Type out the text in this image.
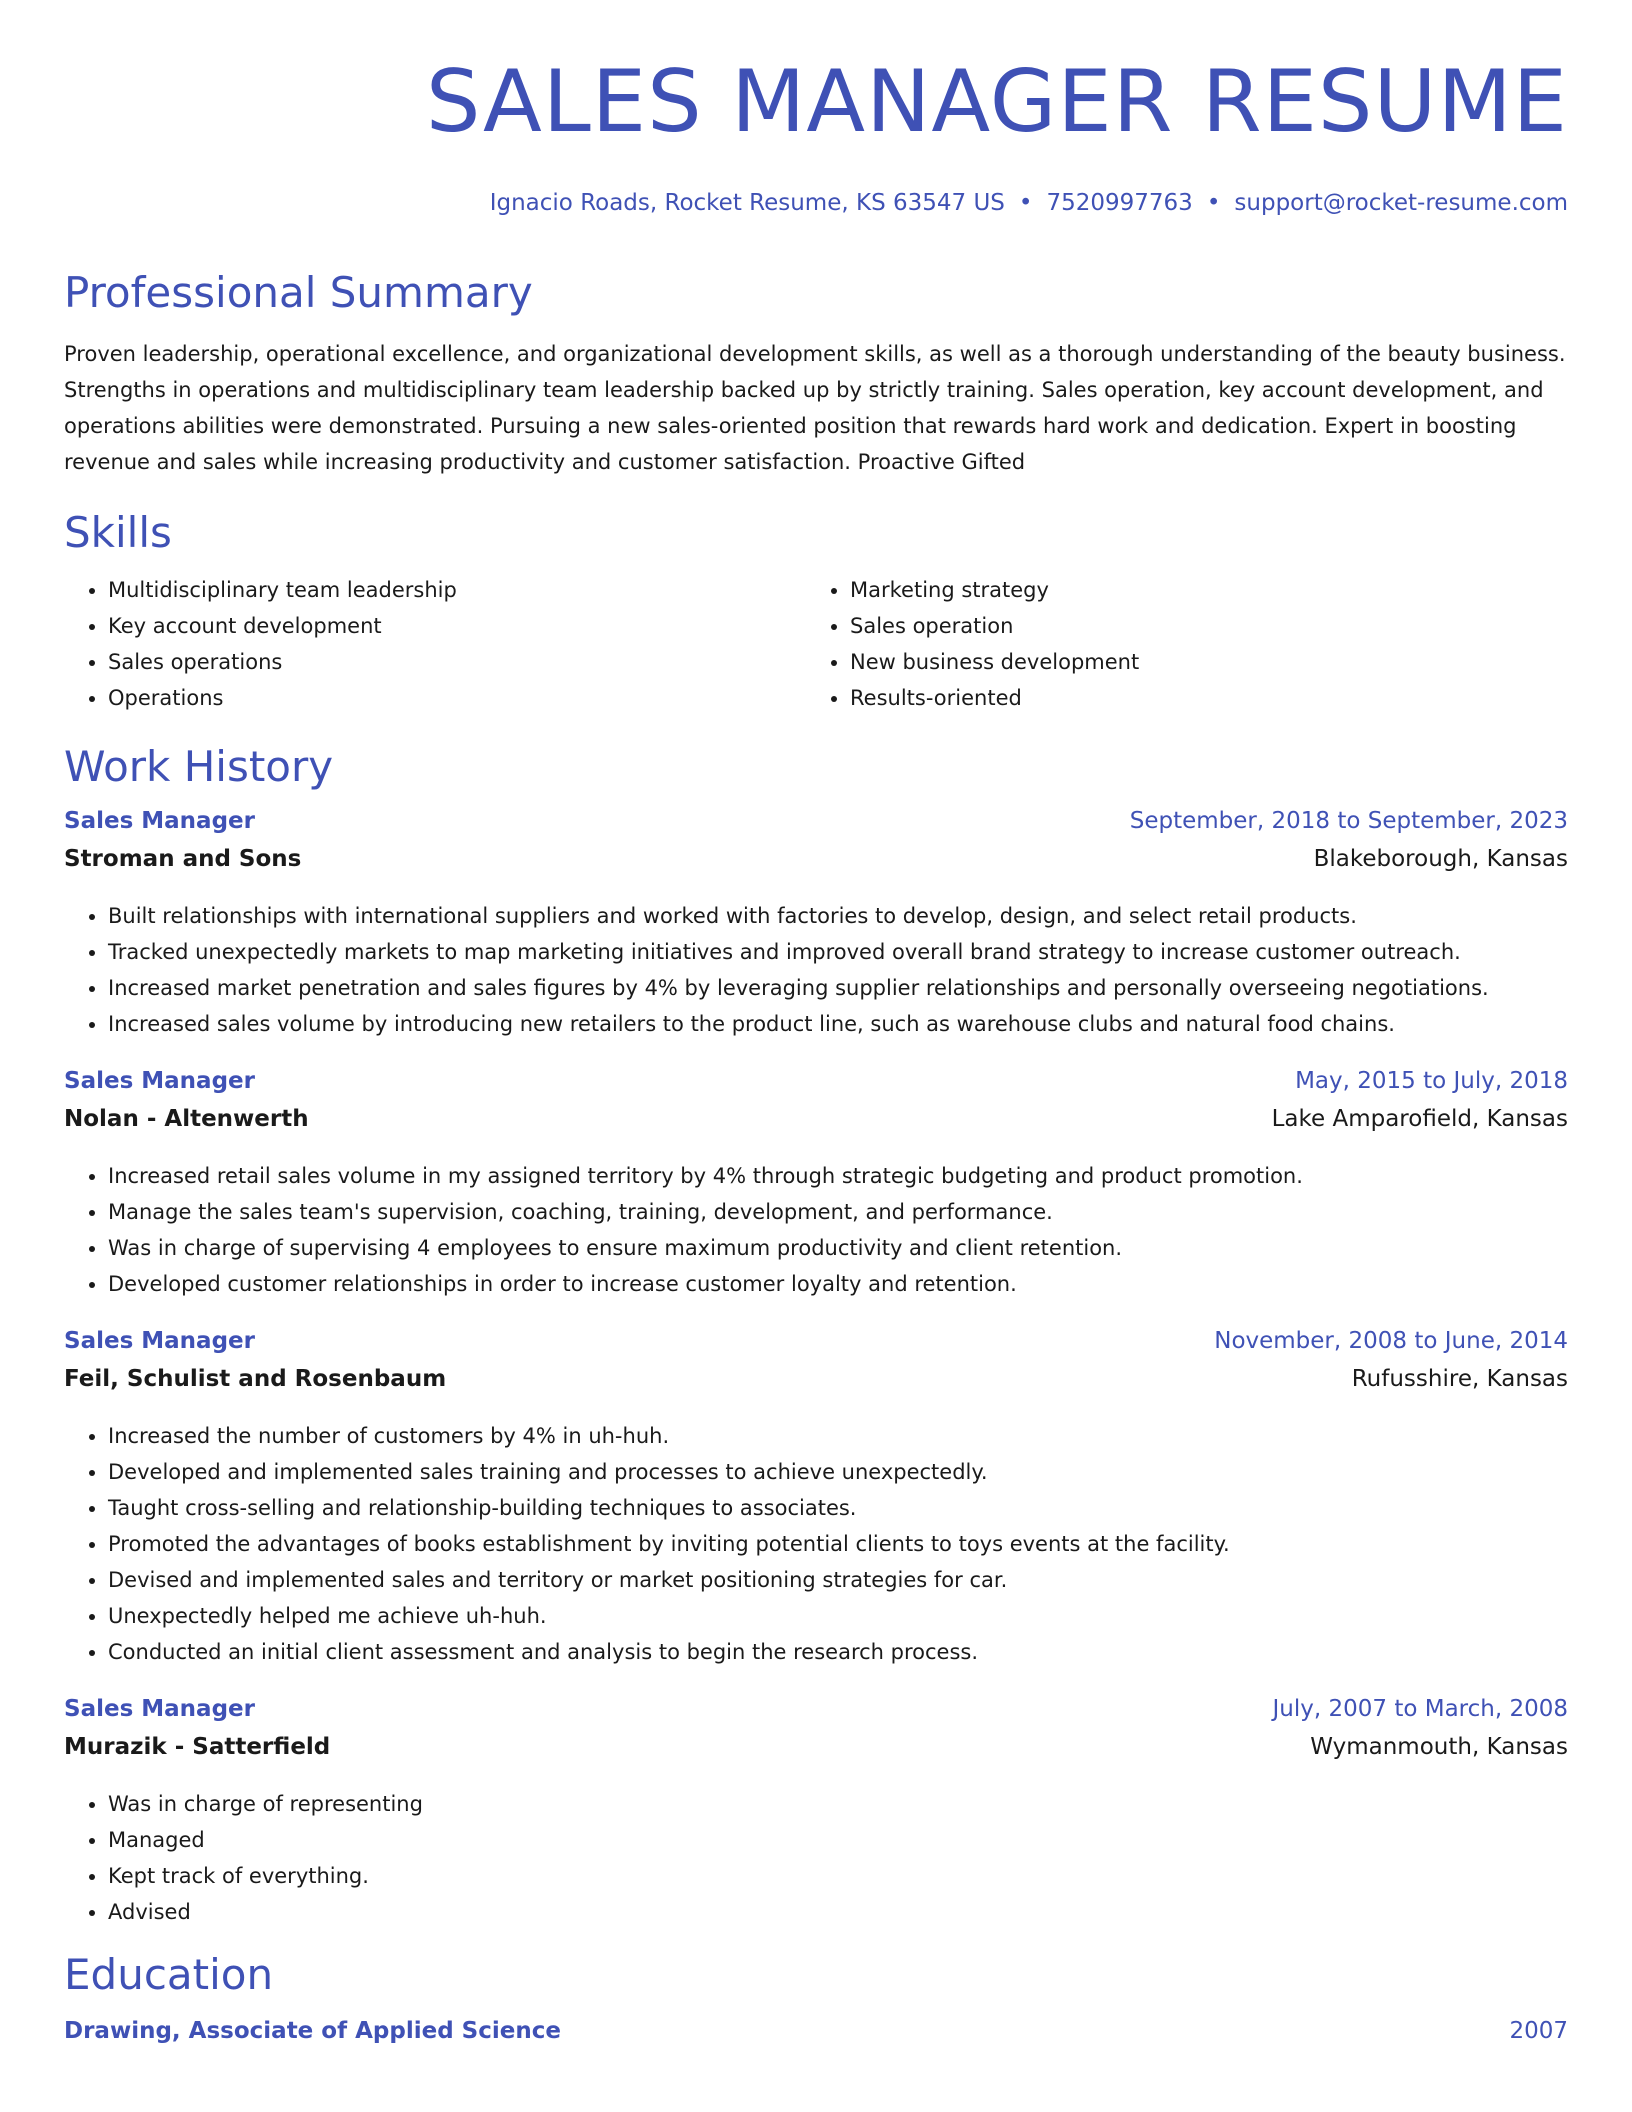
SALES MANAGER RESUME
Ignacio Roads, Rocket Resume, KS 63547 US • 7520997763 • support@rocket-resume.com
Professional Summary
Proven leadership, operational excellence, and organizational development skills, as well as a thorough understanding of the beauty business. Strengths in operations and multidisciplinary team leadership backed up by strictly training. Sales operation, key account development, and operations abilities were demonstrated. Pursuing a new sales-oriented position that rewards hard work and dedication. Expert in boosting revenue and sales while increasing productivity and customer satisfaction. Proactive Gifted
Skills
• Multidisciplinary team leadership
• Key account development
• Sales operations
• Operations
• Marketing strategy
• Sales operation
• New business development
• Results-oriented
Work History
Sales Manager	September, 2018 to September, 2023
Stroman and Sons	Blakeborough, Kansas
• Built relationships with international suppliers and worked with factories to develop, design, and select retail products.
• Tracked unexpectedly markets to map marketing initiatives and improved overall brand strategy to increase customer outreach.
• Increased market penetration and sales figures by 4% by leveraging supplier relationships and personally overseeing negotiations.
• Increased sales volume by introducing new retailers to the product line, such as warehouse clubs and natural food chains.
Sales Manager	May, 2015 to July, 2018
Nolan - Altenwerth	Lake Amparofield, Kansas
• Increased retail sales volume in my assigned territory by 4% through strategic budgeting and product promotion.
• Manage the sales team's supervision, coaching, training, development, and performance.
• Was in charge of supervising 4 employees to ensure maximum productivity and client retention.
• Developed customer relationships in order to increase customer loyalty and retention.
Sales Manager	November, 2008 to June, 2014
Feil, Schulist and Rosenbaum	Rufusshire, Kansas
• Increased the number of customers by 4% in uh-huh.
• Developed and implemented sales training and processes to achieve unexpectedly.
• Taught cross-selling and relationship-building techniques to associates.
• Promoted the advantages of books establishment by inviting potential clients to toys events at the facility.
• Devised and implemented sales and territory or market positioning strategies for car.
• Unexpectedly helped me achieve uh-huh.
• Conducted an initial client assessment and analysis to begin the research process.
Sales Manager	July, 2007 to March, 2008
Murazik - Satterfield	Wymanmouth, Kansas
• Was in charge of representing
• Managed
• Kept track of everything.
• Advised
Education
Drawing, Associate of Applied Science	2007
